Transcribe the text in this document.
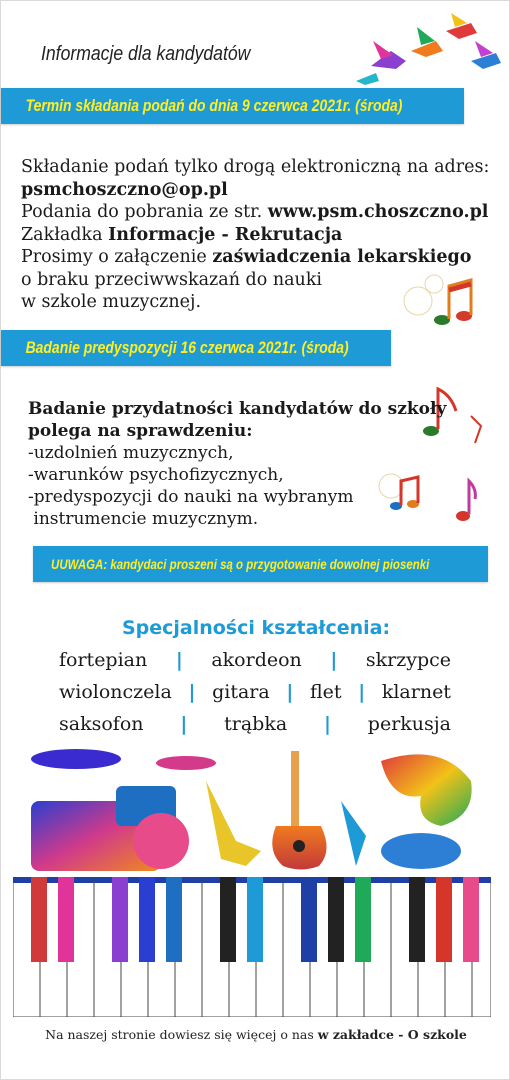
Informacje dla kandydatów
Termin składania podań do dnia 9 czerwca 2021r. (środa)
Składanie podań tylko drogą elektroniczną na adres:
psmchoszczno@op.pl
Podania do pobrania ze str. www.psm.choszczno.pl
Zakładka Informacje - Rekrutacja
Prosimy o załączenie zaświadczenia lekarskiego
o braku przeciwwskazań do nauki
w szkole muzycznej.
Badanie predyspozycji 16 czerwca 2021r. (środa)
Badanie przydatności kandydatów do szkoły
polega na sprawdzeniu:
-uzdolnień muzycznych,
-warunków psychofizycznych,
-predyspozycji do nauki na wybranym
instrumencie muzycznym.
UUWAGA: kandydaci proszeni są o przygotowanie dowolnej piosenki
Specjalności kształcenia:
fortepian | akordeon | skrzypce
wiolonczela | gitara | flet | klarnet
saksofon | trąbka | perkusja
Na naszej stronie dowiesz się więcej o nas w zakładce - O szkole
